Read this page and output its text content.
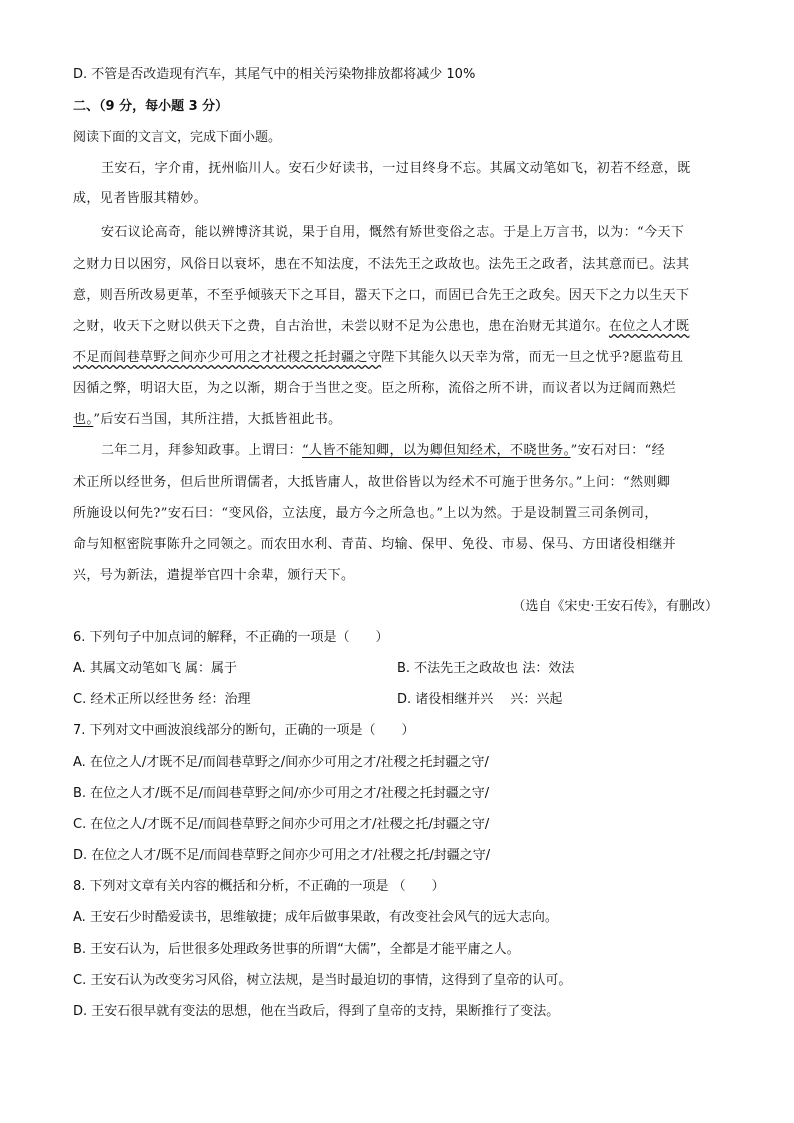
D. 不管是否改造现有汽车，其尾气中的相关污染物排放都将减少 10%
二、（9 分，每小题 3 分）
阅读下面的文言文，完成下面小题。
王安石，字介甫，抚州临川人。安石少好读书，一过目终身不忘。其属文动笔如飞，初若不经意，既
成，见者皆服其精妙。
安石议论高奇，能以辨博济其说，果于自用，慨然有矫世变俗之志。于是上万言书，以为：“今天下
之财力日以困穷，风俗日以衰坏，患在不知法度，不法先王之政故也。法先王之政者，法其意而已。法其
意，则吾所改易更革，不至乎倾骇天下之耳目，嚣天下之口，而固已合先王之政矣。因天下之力以生天下
之财，收天下之财以供天下之费，自古治世，未尝以财不足为公患也，患在治财无其道尔。在位之人才既
不足而闾巷草野之间亦少可用之才社稷之托封疆之守陛下其能久以天幸为常，而无一旦之忧乎?愿监苟且
因循之弊，明诏大臣，为之以渐，期合于当世之变。臣之所称，流俗之所不讲，而议者以为迂阔而熟烂
也。”后安石当国，其所注措，大抵皆祖此书。
二年二月，拜参知政事。上谓曰：“人皆不能知卿，以为卿但知经术，不晓世务。”安石对曰：“经
术正所以经世务，但后世所谓儒者，大抵皆庸人，故世俗皆以为经术不可施于世务尔。”上问：“然则卿
所施设以何先?”安石曰：“变风俗，立法度，最方今之所急也。”上以为然。于是设制置三司条例司，
命与知枢密院事陈升之同领之。而农田水利、青苗、均输、保甲、免役、市易、保马、方田诸役相继并
兴，号为新法，遣提举官四十余辈，颁行天下。
（选自《宋史·王安石传》，有删改）
6. 下列句子中加点词的解释，不正确的一项是（　　）
A. 其属文动笔如飞 属：属于	B. 不法先王之政故也 法：效法
C. 经术正所以经世务 经：治理	D. 诸役相继并兴　 兴：兴起
7. 下列对文中画波浪线部分的断句，正确的一项是（　　）
A. 在位之人/才既不足/而闾巷草野之/间亦少可用之才/社稷之托封疆之守/
B. 在位之人才/既不足/而闾巷草野之间/亦少可用之才/社稷之托封疆之守/
C. 在位之人/才既不足/而闾巷草野之间亦少可用之才/社稷之托/封疆之守/
D. 在位之人才/既不足/而闾巷草野之间亦少可用之才/社稷之托/封疆之守/
8. 下列对文章有关内容的概括和分析，不正确的一项是 （　　）
A. 王安石少时酷爱读书，思维敏捷；成年后做事果敢，有改变社会风气的远大志向。
B. 王安石认为，后世很多处理政务世事的所谓“大儒”，全都是才能平庸之人。
C. 王安石认为改变劣习风俗，树立法规，是当时最迫切的事情，这得到了皇帝的认可。
D. 王安石很早就有变法的思想，他在当政后，得到了皇帝的支持，果断推行了变法。
